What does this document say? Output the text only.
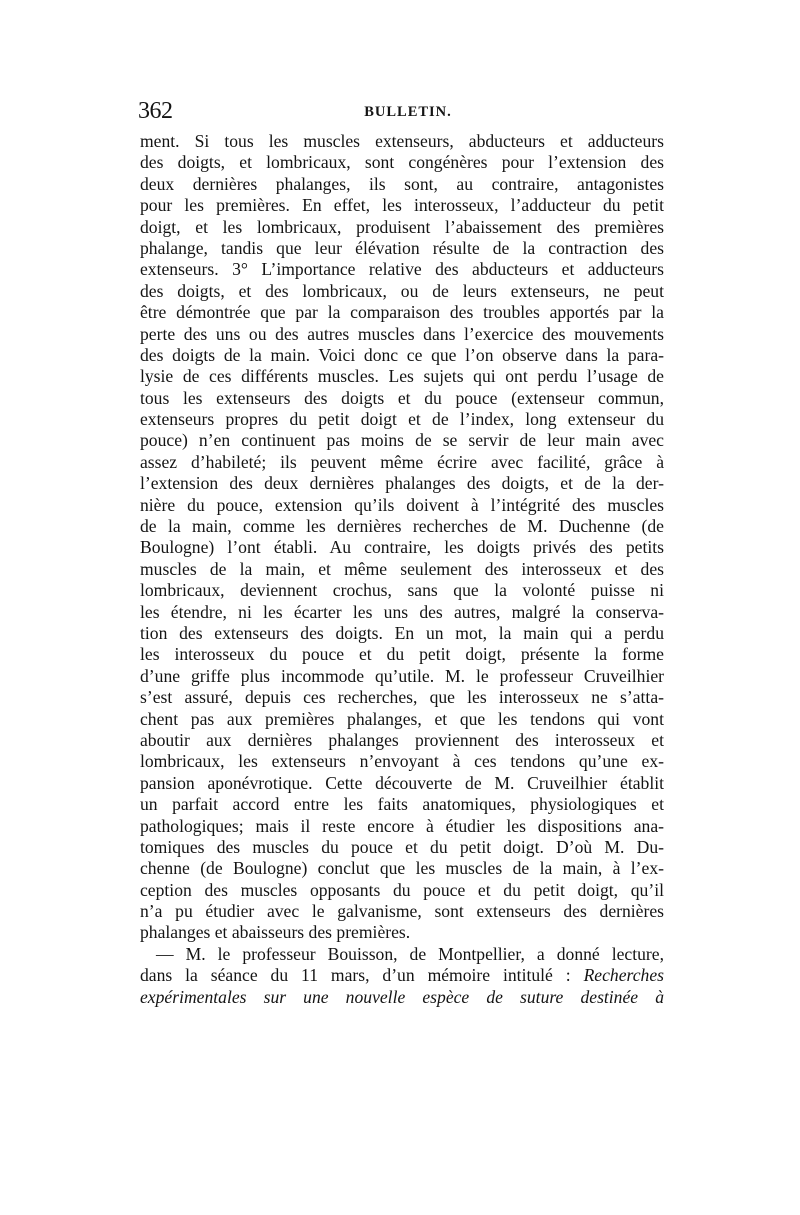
362	BULLETIN.
ment. Si tous les muscles extenseurs, abducteurs et adducteurs
des doigts, et lombricaux, sont congénères pour l’extension des
deux dernières phalanges, ils sont, au contraire, antagonistes
pour les premières. En effet, les interosseux, l’adducteur du petit
doigt, et les lombricaux, produisent l’abaissement des premières
phalange, tandis que leur élévation résulte de la contraction des
extenseurs. 3° L’importance relative des abducteurs et adducteurs
des doigts, et des lombricaux, ou de leurs extenseurs, ne peut
être démontrée que par la comparaison des troubles apportés par la
perte des uns ou des autres muscles dans l’exercice des mouvements
des doigts de la main. Voici donc ce que l’on observe dans la para-
lysie de ces différents muscles. Les sujets qui ont perdu l’usage de
tous les extenseurs des doigts et du pouce (extenseur commun,
extenseurs propres du petit doigt et de l’index, long extenseur du
pouce) n’en continuent pas moins de se servir de leur main avec
assez d’habileté; ils peuvent même écrire avec facilité, grâce à
l’extension des deux dernières phalanges des doigts, et de la der-
nière du pouce, extension qu’ils doivent à l’intégrité des muscles
de la main, comme les dernières recherches de M. Duchenne (de
Boulogne) l’ont établi. Au contraire, les doigts privés des petits
muscles de la main, et même seulement des interosseux et des
lombricaux, deviennent crochus, sans que la volonté puisse ni
les étendre, ni les écarter les uns des autres, malgré la conserva-
tion des extenseurs des doigts. En un mot, la main qui a perdu
les interosseux du pouce et du petit doigt, présente la forme
d’une griffe plus incommode qu’utile. M. le professeur Cruveilhier
s’est assuré, depuis ces recherches, que les interosseux ne s’atta-
chent pas aux premières phalanges, et que les tendons qui vont
aboutir aux dernières phalanges proviennent des interosseux et
lombricaux, les extenseurs n’envoyant à ces tendons qu’une ex-
pansion aponévrotique. Cette découverte de M. Cruveilhier établit
un parfait accord entre les faits anatomiques, physiologiques et
pathologiques; mais il reste encore à étudier les dispositions ana-
tomiques des muscles du pouce et du petit doigt. D’où M. Du-
chenne (de Boulogne) conclut que les muscles de la main, à l’ex-
ception des muscles opposants du pouce et du petit doigt, qu’il
n’a pu étudier avec le galvanisme, sont extenseurs des dernières
phalanges et abaisseurs des premières.
— M. le professeur Bouisson, de Montpellier, a donné lecture,
dans la séance du 11 mars, d’un mémoire intitulé : Recherches
expérimentales sur une nouvelle espèce de suture destinée à
